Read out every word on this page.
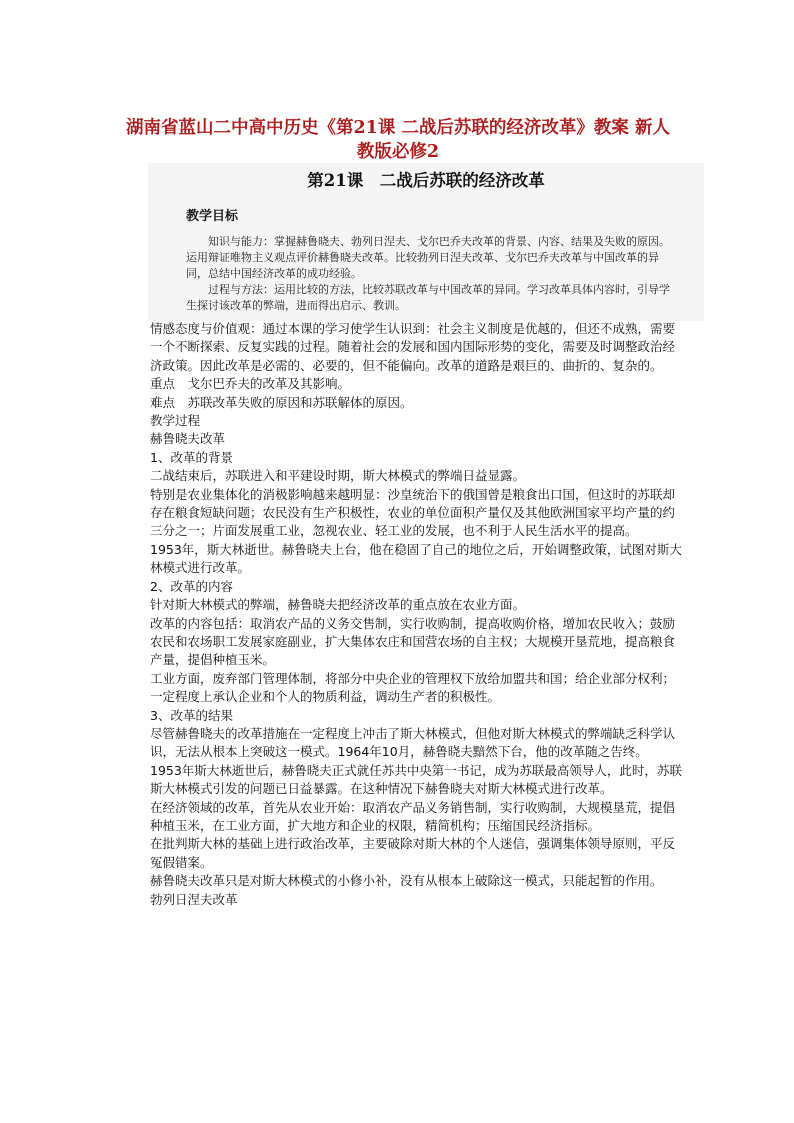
湖南省蓝山二中高中历史《第21课 二战后苏联的经济改革》教案 新人教版必修2
第21课　二战后苏联的经济改革
教学目标

知识与能力：掌握赫鲁晓夫、勃列日涅夫、戈尔巴乔夫改革的背景、内容、结果及失败的原因。运用辩证唯物主义观点评价赫鲁晓夫改革。比较勃列日涅夫改革、戈尔巴乔夫改革与中国改革的异同，总结中国经济改革的成功经验。

过程与方法：运用比较的方法，比较苏联改革与中国改革的异同。学习改革具体内容时，引导学生探讨该改革的弊端，进而得出启示、教训。

情感态度与价值观：通过本课的学习使学生认识到：社会主义制度是优越的，但还不成熟，需要一个不断探索、反复实践的过程。随着社会的发展和国内国际形势的变化，需要及时调整政治经济政策。因此改革是必需的、必要的，但不能偏向。改革的道路是艰巨的、曲折的、复杂的。

重点　戈尔巴乔夫的改革及其影响。

难点　苏联改革失败的原因和苏联解体的原因。

教学过程

赫鲁晓夫改革

1、改革的背景

二战结束后，苏联进入和平建设时期，斯大林模式的弊端日益显露。

特别是农业集体化的消极影响越来越明显：沙皇统治下的俄国曾是粮食出口国，但这时的苏联却存在粮食短缺问题；农民没有生产积极性，农业的单位面积产量仅及其他欧洲国家平均产量的约三分之一；片面发展重工业，忽视农业、轻工业的发展，也不利于人民生活水平的提高。

1953年，斯大林逝世。赫鲁晓夫上台，他在稳固了自己的地位之后，开始调整政策，试图对斯大林模式进行改革。

2、改革的内容

针对斯大林模式的弊端，赫鲁晓夫把经济改革的重点放在农业方面。

改革的内容包括：取消农产品的义务交售制，实行收购制，提高收购价格，增加农民收入；鼓励农民和农场职工发展家庭副业，扩大集体农庄和国营农场的自主权；大规模开垦荒地，提高粮食产量，提倡种植玉米。

工业方面，废弃部门管理体制，将部分中央企业的管理权下放给加盟共和国；给企业部分权利；一定程度上承认企业和个人的物质利益，调动生产者的积极性。

3、改革的结果

尽管赫鲁晓夫的改革措施在一定程度上冲击了斯大林模式，但他对斯大林模式的弊端缺乏科学认识，无法从根本上突破这一模式。1964年10月，赫鲁晓夫黯然下台，他的改革随之告终。

1953年斯大林逝世后，赫鲁晓夫正式就任苏共中央第一书记，成为苏联最高领导人，此时，苏联斯大林模式引发的问题已日益暴露。在这种情况下赫鲁晓夫对斯大林模式进行改革。

在经济领域的改革，首先从农业开始：取消农产品义务销售制，实行收购制，大规模垦荒，提倡种植玉米，在工业方面，扩大地方和企业的权限，精简机构；压缩国民经济指标。

在批判斯大林的基础上进行政治改革，主要破除对斯大林的个人迷信，强调集体领导原则，平反冤假错案。

赫鲁晓夫改革只是对斯大林模式的小修小补，没有从根本上破除这一模式，只能起暂的作用。

勃列日涅夫改革
